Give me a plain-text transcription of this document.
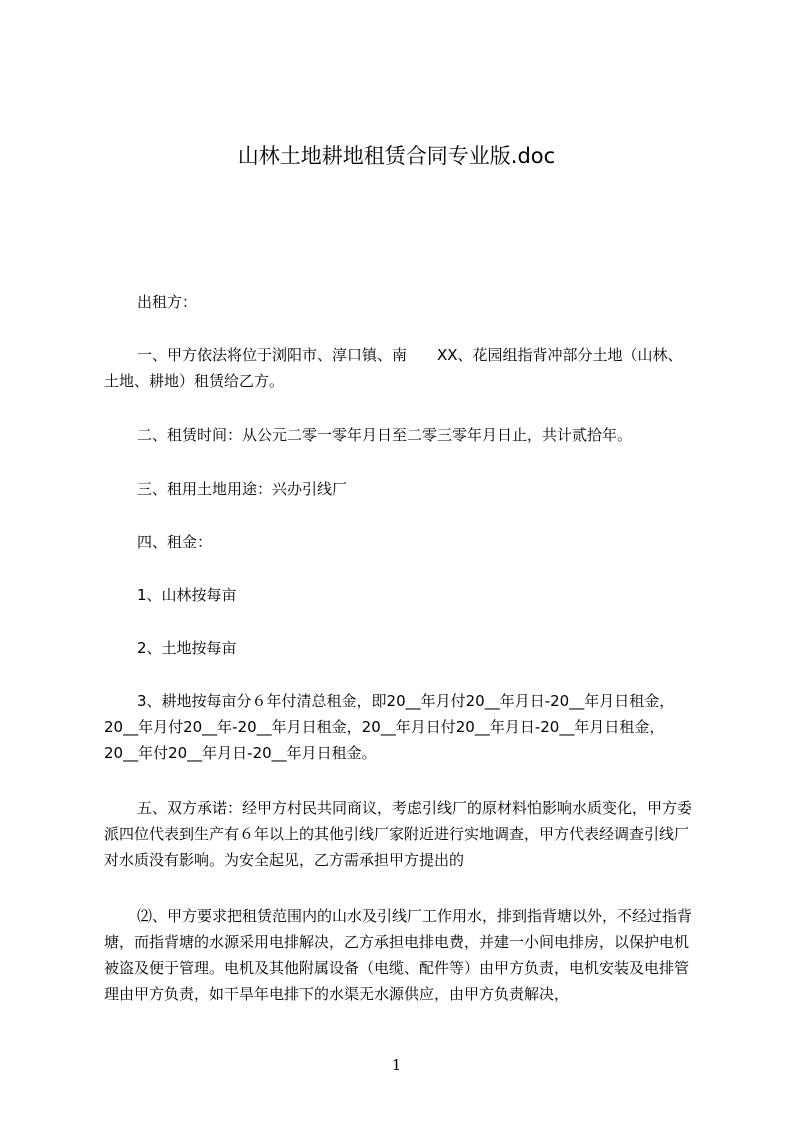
山林土地耕地租赁合同专业版.doc

出租方：

一、甲方依法将位于浏阳市、淳口镇、南　　XX、花园组指背冲部分土地（山林、土地、耕地）租赁给乙方。

二、租赁时间：从公元二零一零年月日至二零三零年月日止，共计贰拾年。

三、租用土地用途：兴办引线厂

四、租金：

1、山林按每亩

2、土地按每亩

3、耕地按每亩分６年付清总租金，即20__年月付20__年月日-20__年月日租金，20__年月付20__年-20__年月日租金，20__年月日付20__年月日-20__年月日租金，20__年付20__年月日-20__年月日租金。

五、双方承诺：经甲方村民共同商议，考虑引线厂的原材料怕影响水质变化，甲方委派四位代表到生产有６年以上的其他引线厂家附近进行实地调查，甲方代表经调查引线厂对水质没有影响。为安全起见，乙方需承担甲方提出的

⑵、甲方要求把租赁范围内的山水及引线厂工作用水，排到指背塘以外，不经过指背塘，而指背塘的水源采用电排解决，乙方承担电排电费，并建一小间电排房，以保护电机被盗及便于管理。电机及其他附属设备（电缆、配件等）由甲方负责，电机安装及电排管理由甲方负责，如干旱年电排下的水渠无水源供应，由甲方负责解决，

1
